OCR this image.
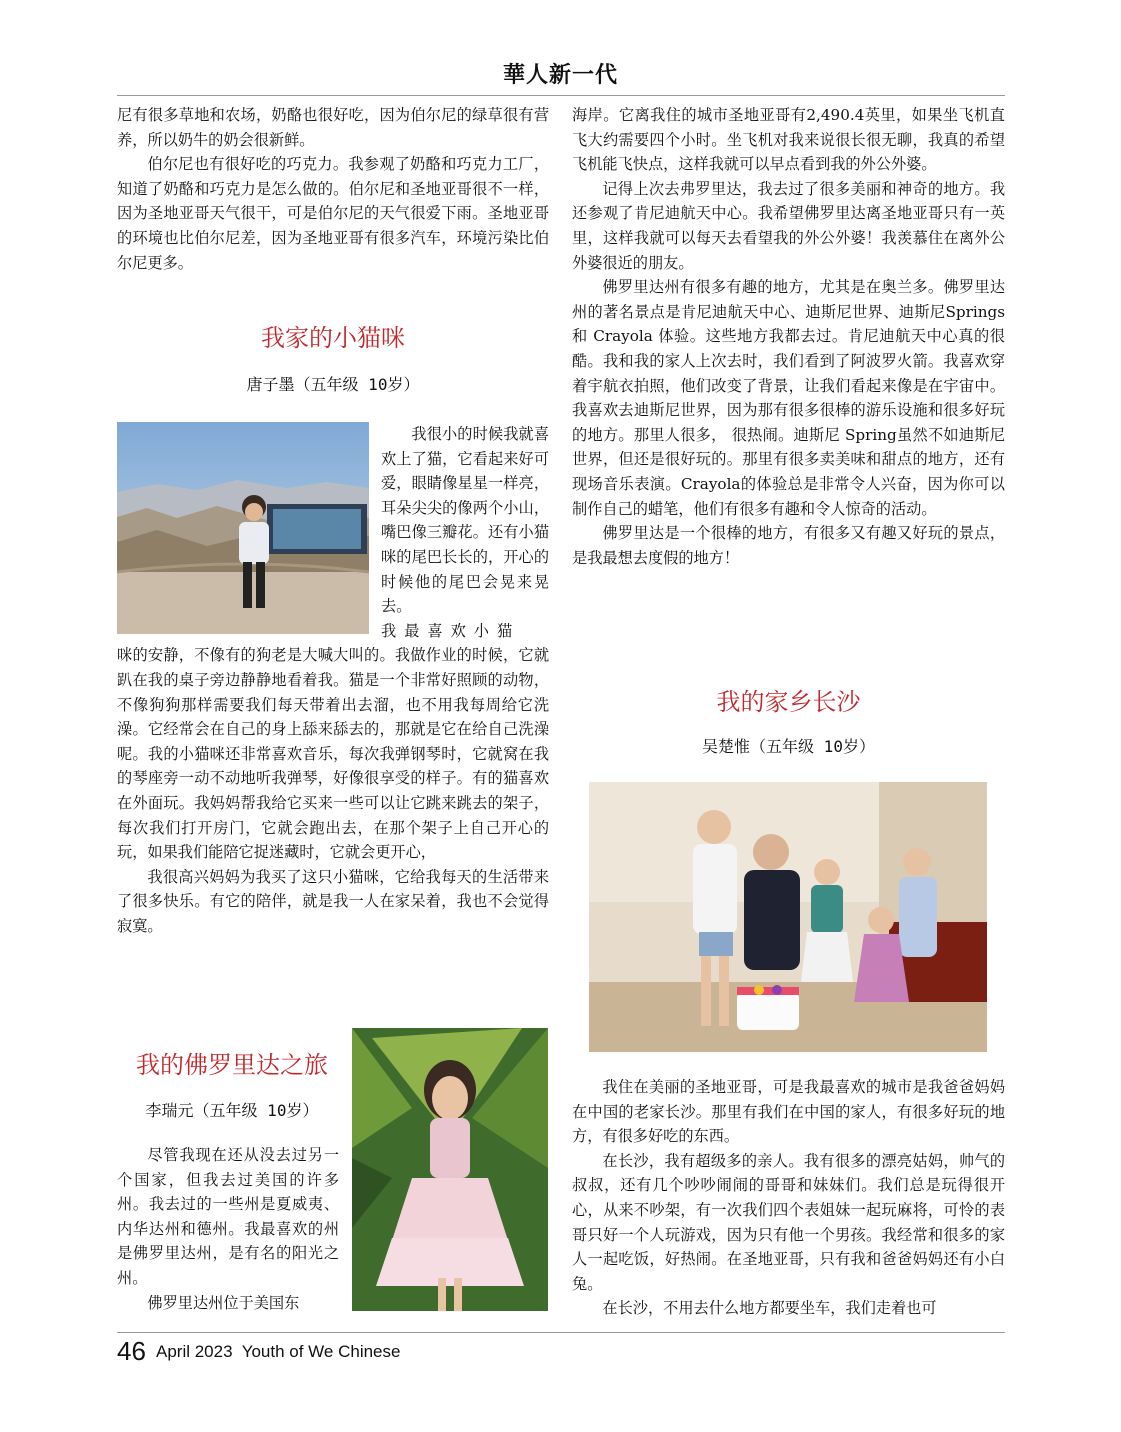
華人新一代

尼有很多草地和农场，奶酪也很好吃，因为伯尔尼的绿草很有营养，所以奶牛的奶会很新鲜。

伯尔尼也有很好吃的巧克力。我参观了奶酪和巧克力工厂，知道了奶酪和巧克力是怎么做的。伯尔尼和圣地亚哥很不一样，因为圣地亚哥天气很干，可是伯尔尼的天气很爱下雨。圣地亚哥的环境也比伯尔尼差，因为圣地亚哥有很多汽车，环境污染比伯尔尼更多。

我家的小猫咪
唐子墨（五年级 10岁）

我很小的时候我就喜欢上了猫，它看起来好可爱，眼睛像星星一样亮，耳朵尖尖的像两个小山，嘴巴像三瓣花。还有小猫咪的尾巴长长的，开心的时候他的尾巴会晃来晃去。

我最喜欢小猫

咪的安静，不像有的狗老是大喊大叫的。我做作业的时候，它就趴在我的桌子旁边静静地看着我。猫是一个非常好照顾的动物，不像狗狗那样需要我们每天带着出去溜，也不用我每周给它洗澡。它经常会在自己的身上舔来舔去的，那就是它在给自己洗澡呢。我的小猫咪还非常喜欢音乐，每次我弹钢琴时，它就窝在我的琴座旁一动不动地听我弹琴，好像很享受的样子。有的猫喜欢在外面玩。我妈妈帮我给它买来一些可以让它跳来跳去的架子，每次我们打开房门，它就会跑出去，在那个架子上自己开心的玩，如果我们能陪它捉迷藏时，它就会更开心，

我很高兴妈妈为我买了这只小猫咪，它给我每天的生活带来了很多快乐。有它的陪伴，就是我一人在家呆着，我也不会觉得寂寞。

我的佛罗里达之旅
李瑞元（五年级 10岁）

尽管我现在还从没去过另一个国家，但我去过美国的许多州。我去过的一些州是夏威夷、内华达州和德州。我最喜欢的州是佛罗里达州，是有名的阳光之州。

佛罗里达州位于美国东

海岸。它离我住的城市圣地亚哥有2,490.4英里，如果坐飞机直飞大约需要四个小时。坐飞机对我来说很长很无聊，我真的希望飞机能飞快点，这样我就可以早点看到我的外公外婆。

记得上次去弗罗里达，我去过了很多美丽和神奇的地方。我还参观了肯尼迪航天中心。我希望佛罗里达离圣地亚哥只有一英里，这样我就可以每天去看望我的外公外婆！我羡慕住在离外公外婆很近的朋友。

佛罗里达州有很多有趣的地方，尤其是在奥兰多。佛罗里达州的著名景点是肯尼迪航天中心、迪斯尼世界、迪斯尼Springs和 Crayola 体验。这些地方我都去过。肯尼迪航天中心真的很酷。我和我的家人上次去时，我们看到了阿波罗火箭。我喜欢穿着宇航衣拍照，他们改变了背景，让我们看起来像是在宇宙中。我喜欢去迪斯尼世界，因为那有很多很棒的游乐设施和很多好玩的地方。那里人很多， 很热闹。迪斯尼 Spring虽然不如迪斯尼世界，但还是很好玩的。那里有很多卖美味和甜点的地方，还有现场音乐表演。Crayola的体验总是非常令人兴奋，因为你可以制作自己的蜡笔，他们有很多有趣和令人惊奇的活动。

佛罗里达是一个很棒的地方，有很多又有趣又好玩的景点，是我最想去度假的地方！

我的家乡长沙
吴楚惟（五年级 10岁）

我住在美丽的圣地亚哥，可是我最喜欢的城市是我爸爸妈妈在中国的老家长沙。那里有我们在中国的家人，有很多好玩的地方，有很多好吃的东西。

在长沙，我有超级多的亲人。我有很多的漂亮姑妈，帅气的叔叔，还有几个吵吵闹闹的哥哥和妹妹们。我们总是玩得很开心，从来不吵架，有一次我们四个表姐妹一起玩麻将，可怜的表哥只好一个人玩游戏，因为只有他一个男孩。我经常和很多的家人一起吃饭，好热闹。在圣地亚哥，只有我和爸爸妈妈还有小白兔。

在长沙，不用去什么地方都要坐车，我们走着也可

46 April 2023  Youth of We Chinese
